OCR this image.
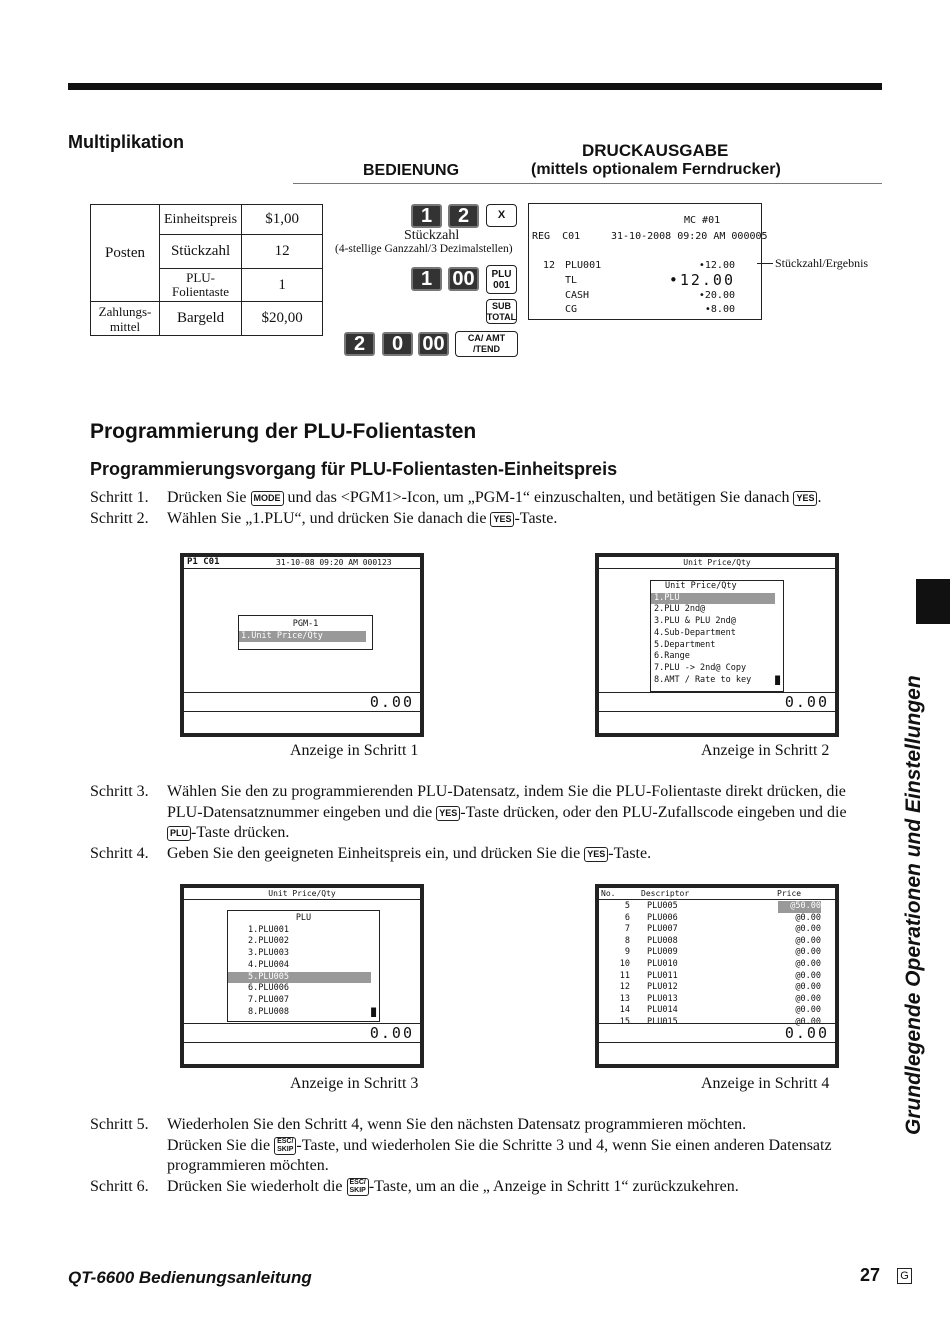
Multiplikation	DRUCKAUSGABE
(mittels optionalem Ferndrucker)
BEDIENUNG
Posten	Einheitspreis	$1,00
	Stückzahl	12
	PLU-
Folientaste	1
Zahlungs-
mittel	Bargeld	$20,00
1	2	X
Stückzahl
(4-stellige Ganzzahl/3 Dezimalstellen)
1	00	PLU
001
SUB
TOTAL
2	0 00	CA/ AMT
/TEND
MC #01
REG  C01	31-10-2008 09:20 AM 000005
12 PLU001	•12.00
TL	•12.00
CASH	•20.00
CG	•8.00
Stückzahl/Ergebnis
Programmierung der PLU-Folientasten
Programmierungsvorgang für PLU-Folientasten-Einheitspreis
Schritt 1. Drücken Sie MODE und das <PGM1>-Icon, um „PGM-1“ einzuschalten, und betätigen Sie danach YES .
Schritt 2. Wählen Sie „1.PLU“, und drücken Sie danach die YES -Taste.
P1 C01	31-10-08 09:20 AM 000123
PGM-1
1.Unit Price/Qty
0.00
Anzeige in Schritt 1
Unit Price/Qty
Unit Price/Qty
1.PLU
2.PLU 2nd@
3.PLU & PLU 2nd@
4.Sub-Department
5.Department
6.Range
7.PLU -> 2nd@ Copy
8.AMT / Rate to key	█
0.00
Anzeige in Schritt 2
Schritt 3. Wählen Sie den zu programmierenden PLU-Datensatz, indem Sie die PLU-Folientaste direkt drücken, die
PLU-Datensatznummer eingeben und die YES -Taste drücken, oder den PLU-Zufallscode eingeben und die
PLU -Taste drücken.
Schritt 4. Geben Sie den geeigneten Einheitspreis ein, und drücken Sie die YES -Taste.
Unit Price/Qty
PLU
1.PLU001
2.PLU002
3.PLU003
4.PLU004
5.PLU005
6.PLU006
7.PLU007
8.PLU008	█
0.00
Anzeige in Schritt 3
No.	Descriptor	Price
5 PLU005	@50.00
6 PLU006	@0.00
7 PLU007	@0.00
8 PLU008	@0.00
9 PLU009	@0.00
10 PLU010	@0.00
11 PLU011	@0.00
12 PLU012	@0.00
13 PLU013	@0.00
14 PLU014	@0.00
15 PLU015	@0.00
0.00
Anzeige in Schritt 4
Schritt 5. Wiederholen Sie den Schritt 4, wenn Sie den nächsten Datensatz programmieren möchten.
Drücken Sie die ESC/
SKIP -Taste, und wiederholen Sie die Schritte 3 und 4, wenn Sie einen anderen Datensatz
programmieren möchten.
Schritt 6. Drücken Sie wiederholt die ESC/
SKIP -Taste, um an die „ Anzeige in Schritt 1“ zurückzukehren.
Grundlegende Operationen und Einstellungen
QT-6600 Bedienungsanleitung	27 G
